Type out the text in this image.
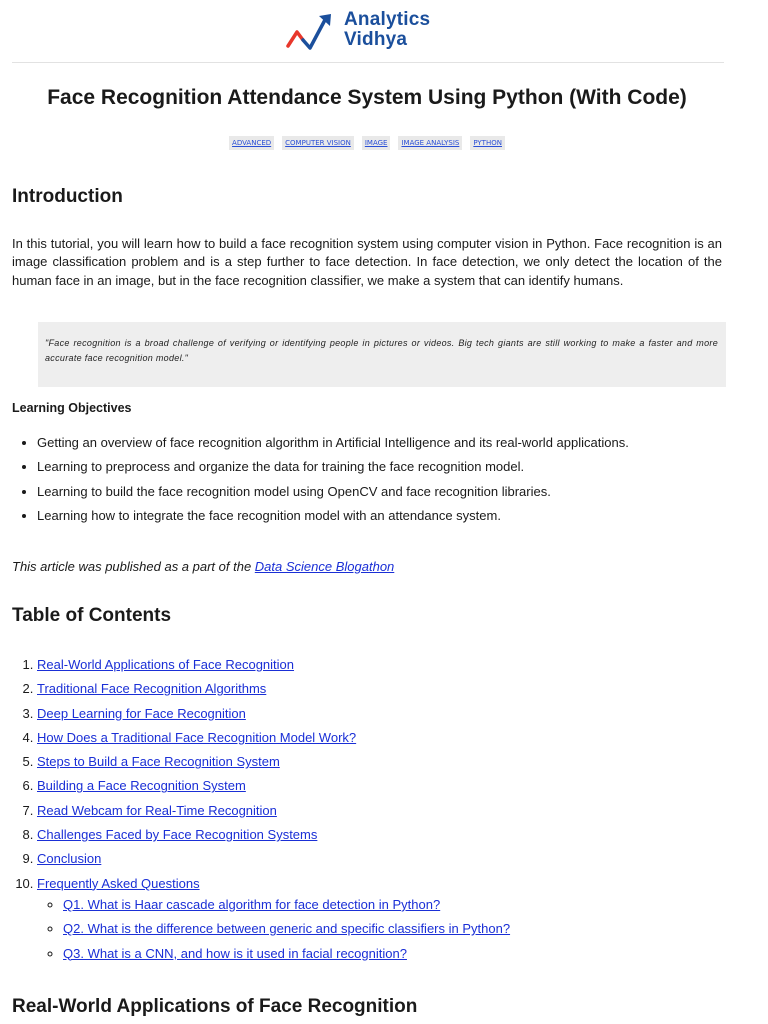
Analytics
Vidhya
Face Recognition Attendance System Using Python (With Code)
ADVANCED COMPUTER VISION IMAGE IMAGE ANALYSIS PYTHON
Introduction

In this tutorial, you will learn how to build a face recognition system using computer vision in Python. Face recognition is an image classification problem and is a step further to face detection. In face detection, we only detect the location of the human face in an image, but in the face recognition classifier, we make a system that can identify humans.

"Face recognition is a broad challenge of verifying or identifying people in pictures or videos. Big tech giants are still working to make a faster and more accurate face recognition model."

Learning Objectives
• Getting an overview of face recognition algorithm in Artificial Intelligence and its real-world applications.
• Learning to preprocess and organize the data for training the face recognition model.
• Learning to build the face recognition model using OpenCV and face recognition libraries.
• Learning how to integrate the face recognition model with an attendance system.

This article was published as a part of the Data Science Blogathon

Table of Contents
1. Real-World Applications of Face Recognition
2. Traditional Face Recognition Algorithms
3. Deep Learning for Face Recognition
4. How Does a Traditional Face Recognition Model Work?
5. Steps to Build a Face Recognition System
6. Building a Face Recognition System
7. Read Webcam for Real-Time Recognition
8. Challenges Faced by Face Recognition Systems
9. Conclusion
10. Frequently Asked Questions
◦ Q1. What is Haar cascade algorithm for face detection in Python?
◦ Q2. What is the difference between generic and specific classifiers in Python?
◦ Q3. What is a CNN, and how is it used in facial recognition?
Real-World Applications of Face Recognition
